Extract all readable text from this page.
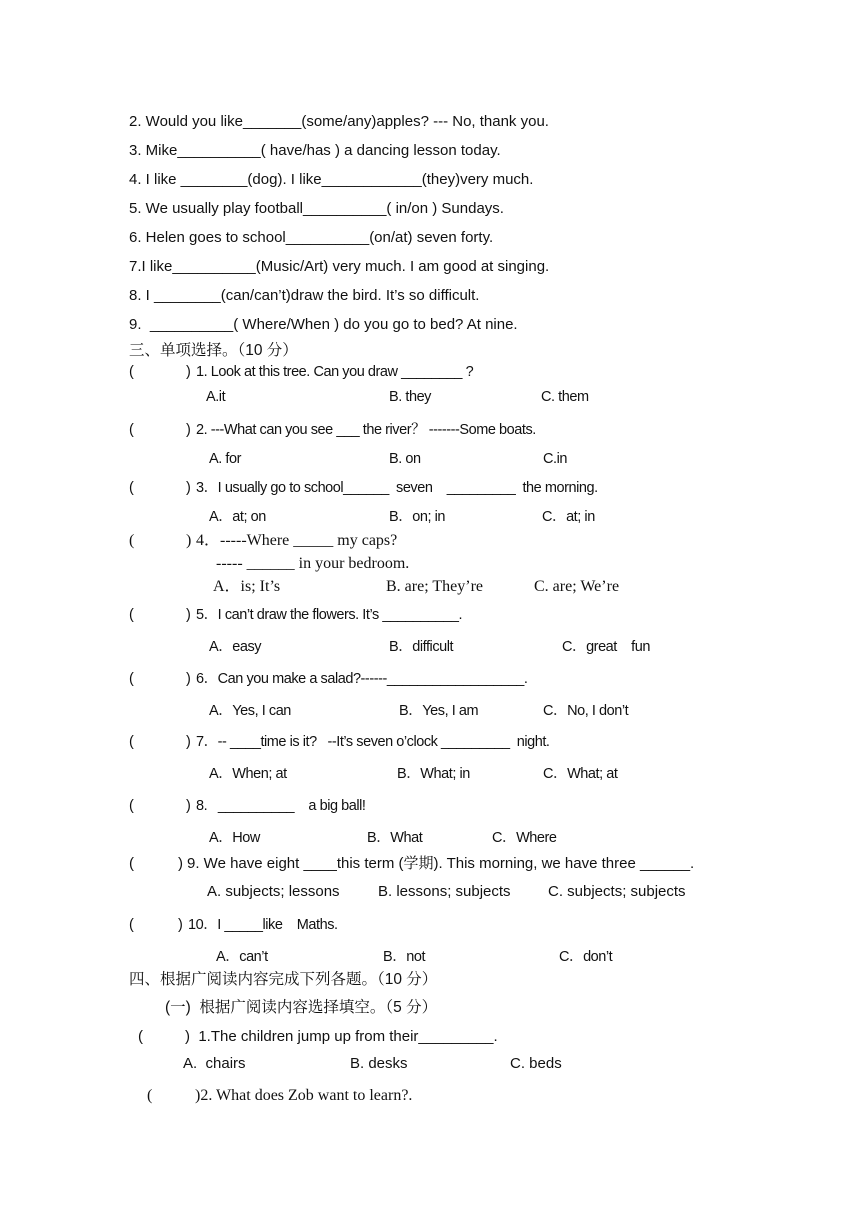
2. Would you like_______(some/any)apples? --- No, thank you.
3. Mike__________( have/has ) a dancing lesson today.
4. I like ________(dog). I like____________(they)very much.
5. We usually play football__________( in/on ) Sundays.
6. Helen goes to school__________(on/at) seven forty.
7.I like__________(Music/Art) very much. I am good at singing.
8. I ________(can/can’t)draw the bird. It’s so difficult.
9.  __________( Where/When ) do you go to bed? At nine.
三、单项选择。（10 分）
(	) 1. Look at this tree. Can you draw ________ ?
A.it	B. they	C. them
(	) 2. ---What can you see ___ the river？ -------Some boats.
A. for	B. on	C.in
(	) 3．I usually go to school______  seven    _________  the morning.
A．at; on	B．on; in	C．at; in
(	) 4．-----Where _____ my caps?
----- ______ in your bedroom.
A．is; It’s	B. are; They’re	C. are; We’re
(	) 5．I can’t draw the flowers. It’s __________.
A．easy	B．difficult	C．great    fun
(	) 6．Can you make a salad?------__________________.
A．Yes, I can	B．Yes, I am	C．No, I don’t
(	) 7．-- ____time is it?   --It’s seven o’clock _________  night.
A．When; at	B．What; in	C．What; at
(	) 8.   __________    a big ball!
A．How	B．What	C．Where
(	) 9. We have eight ____this term (学期). This morning, we have three ______.
A. subjects; lessons	B. lessons; subjects C. subjects; subjects
(	) 10．I _____like    Maths.
A．can’t	B．not	C．don’t
四、根据广阅读内容完成下列各题。（10 分）
(一)  根据广阅读内容选择填空。（5 分）
(	)  1.The children jump up from their_________.
A.  chairs	B. desks	C. beds
(	)2. What does Zob want to learn?.
